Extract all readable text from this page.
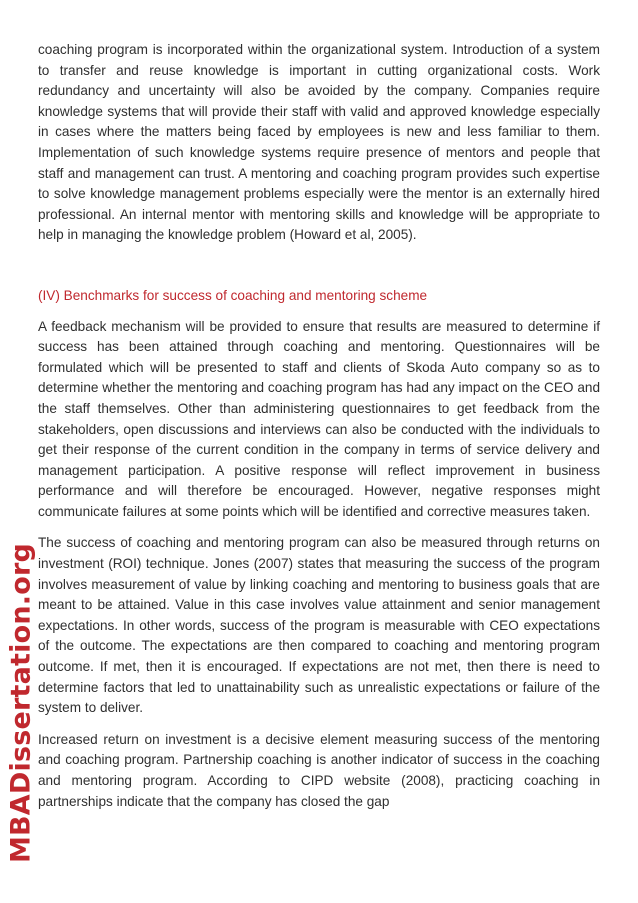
coaching program is incorporated within the organizational system. Introduction of a system to transfer and reuse knowledge is important in cutting organizational costs. Work redundancy and uncertainty will also be avoided by the company. Companies require knowledge systems that will provide their staff with valid and approved knowledge especially in cases where the matters being faced by employees is new and less familiar to them. Implementation of such knowledge systems require presence of mentors and people that staff and management can trust. A mentoring and coaching program provides such expertise to solve knowledge management problems especially were the mentor is an externally hired professional. An internal mentor with mentoring skills and knowledge will be appropriate to help in managing the knowledge problem (Howard et al, 2005).

(IV) Benchmarks for success of coaching and mentoring scheme

A feedback mechanism will be provided to ensure that results are measured to determine if success has been attained through coaching and mentoring. Questionnaires will be formulated which will be presented to staff and clients of Skoda Auto company so as to determine whether the mentoring and coaching program has had any impact on the CEO and the staff themselves. Other than administering questionnaires to get feedback from the stakeholders, open discussions and interviews can also be conducted with the individuals to get their response of the current condition in the company in terms of service delivery and management participation. A positive response will reflect improvement in business performance and will therefore be encouraged. However, negative responses might communicate failures at some points which will be identified and corrective measures taken.

The success of coaching and mentoring program can also be measured through returns on investment (ROI) technique. Jones (2007) states that measuring the success of the program involves measurement of value by linking coaching and mentoring to business goals that are meant to be attained. Value in this case involves value attainment and senior management expectations. In other words, success of the program is measurable with CEO expectations of the outcome. The expectations are then compared to coaching and mentoring program outcome. If met, then it is encouraged. If expectations are not met, then there is need to determine factors that led to unattainability such as unrealistic expectations or failure of the system to deliver.

Increased return on investment is a decisive element measuring success of the mentoring and coaching program. Partnership coaching is another indicator of success in the coaching and mentoring program. According to CIPD website (2008), practicing coaching in partnerships indicate that the company has closed the gap

MBADissertation.org
